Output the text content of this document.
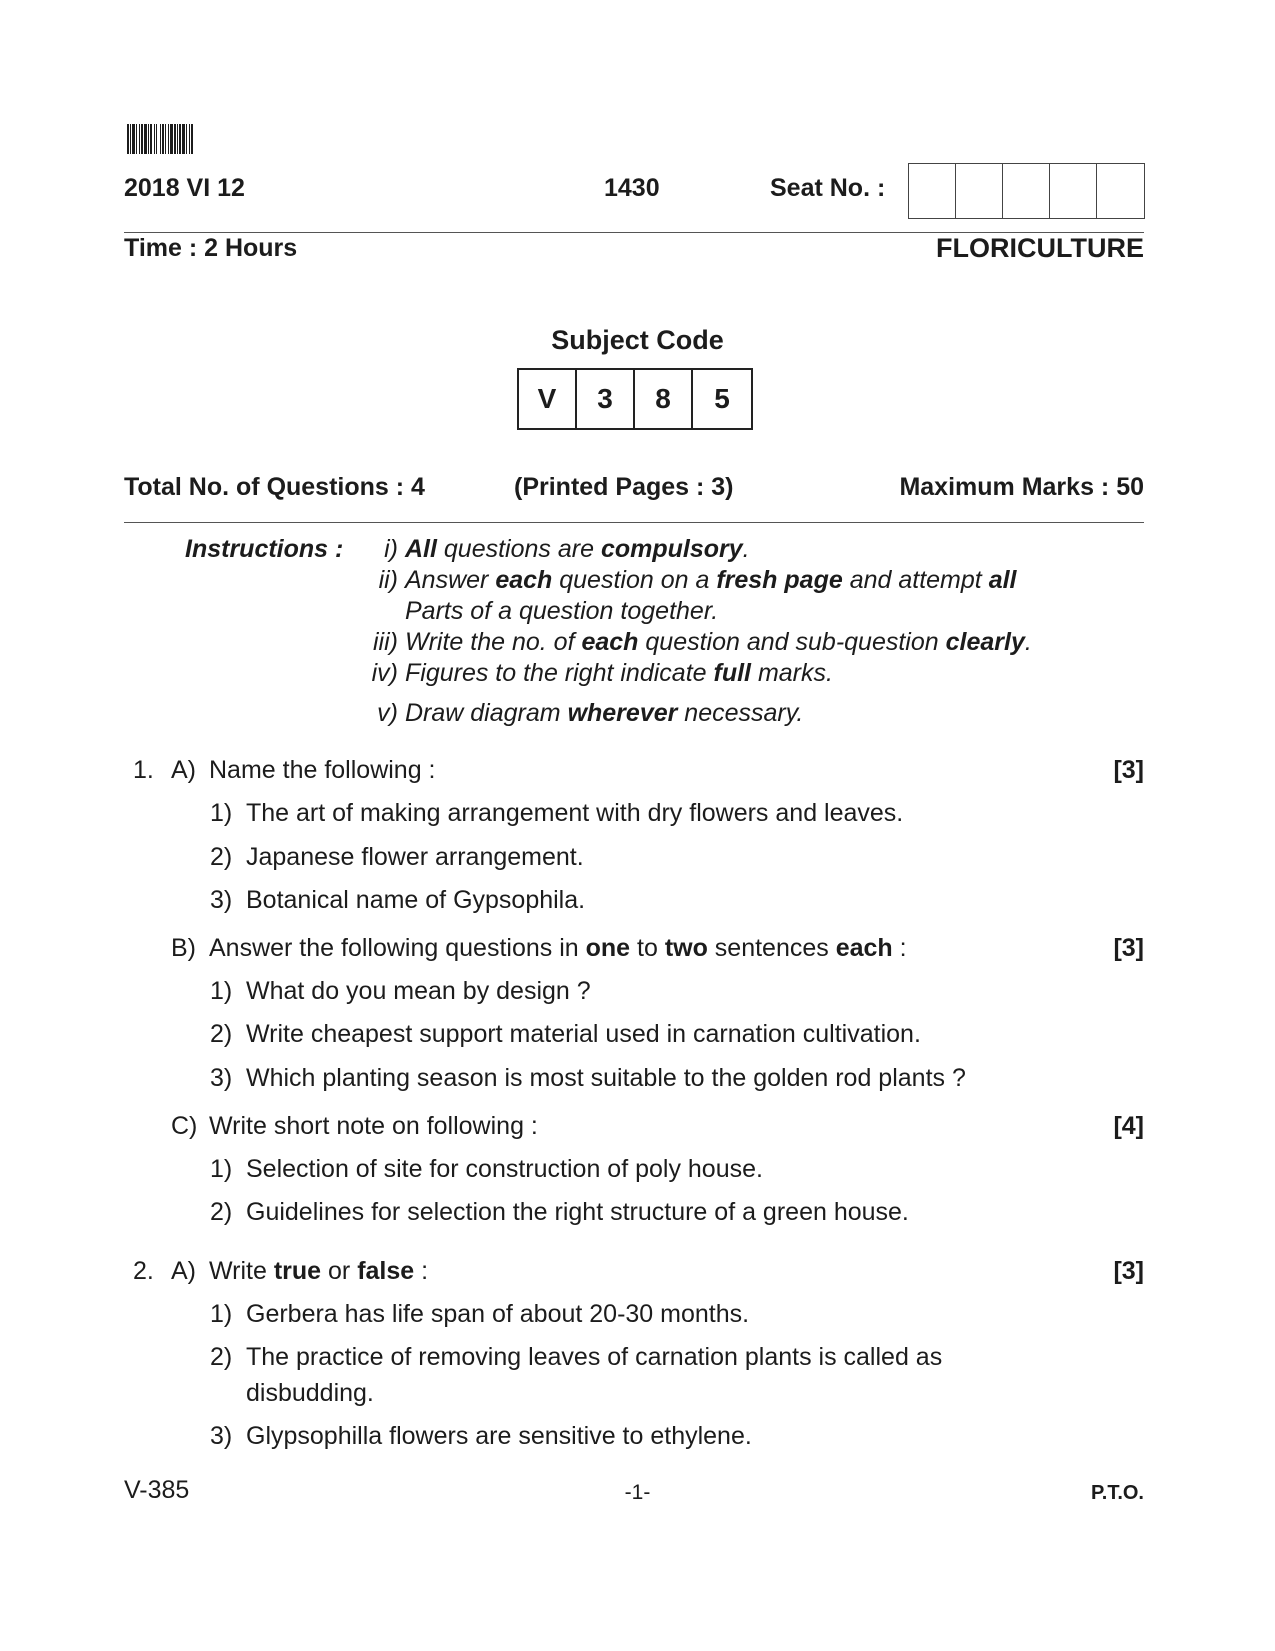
2018 VI 12	1430	Seat No. :
Time : 2 Hours	FLORICULTURE
Subject Code
V	3	8	5
Total No. of Questions : 4	(Printed Pages : 3)	Maximum Marks : 50
Instructions :	i) All questions are compulsory.
ii) Answer each question on a fresh page and attempt all
Parts of a question together.
iii) Write the no. of each question and sub-question clearly.
iv) Figures to the right indicate full marks.
v) Draw diagram wherever necessary.
1. A) Name the following :	[3]
1) The art of making arrangement with dry flowers and leaves.
2) Japanese flower arrangement.
3) Botanical name of Gypsophila.
B) Answer the following questions in one to two sentences each :	[3]
1) What do you mean by design ?
2) Write cheapest support material used in carnation cultivation.
3) Which planting season is most suitable to the golden rod plants ?
C) Write short note on following :	[4]
1) Selection of site for construction of poly house.
2) Guidelines for selection the right structure of a green house.
2. A) Write true or false :	[3]
1) Gerbera has life span of about 20-30 months.
2) The practice of removing leaves of carnation plants is called as
disbudding.
3) Glypsophilla flowers are sensitive to ethylene.
V-385	-1-	P.T.O.
